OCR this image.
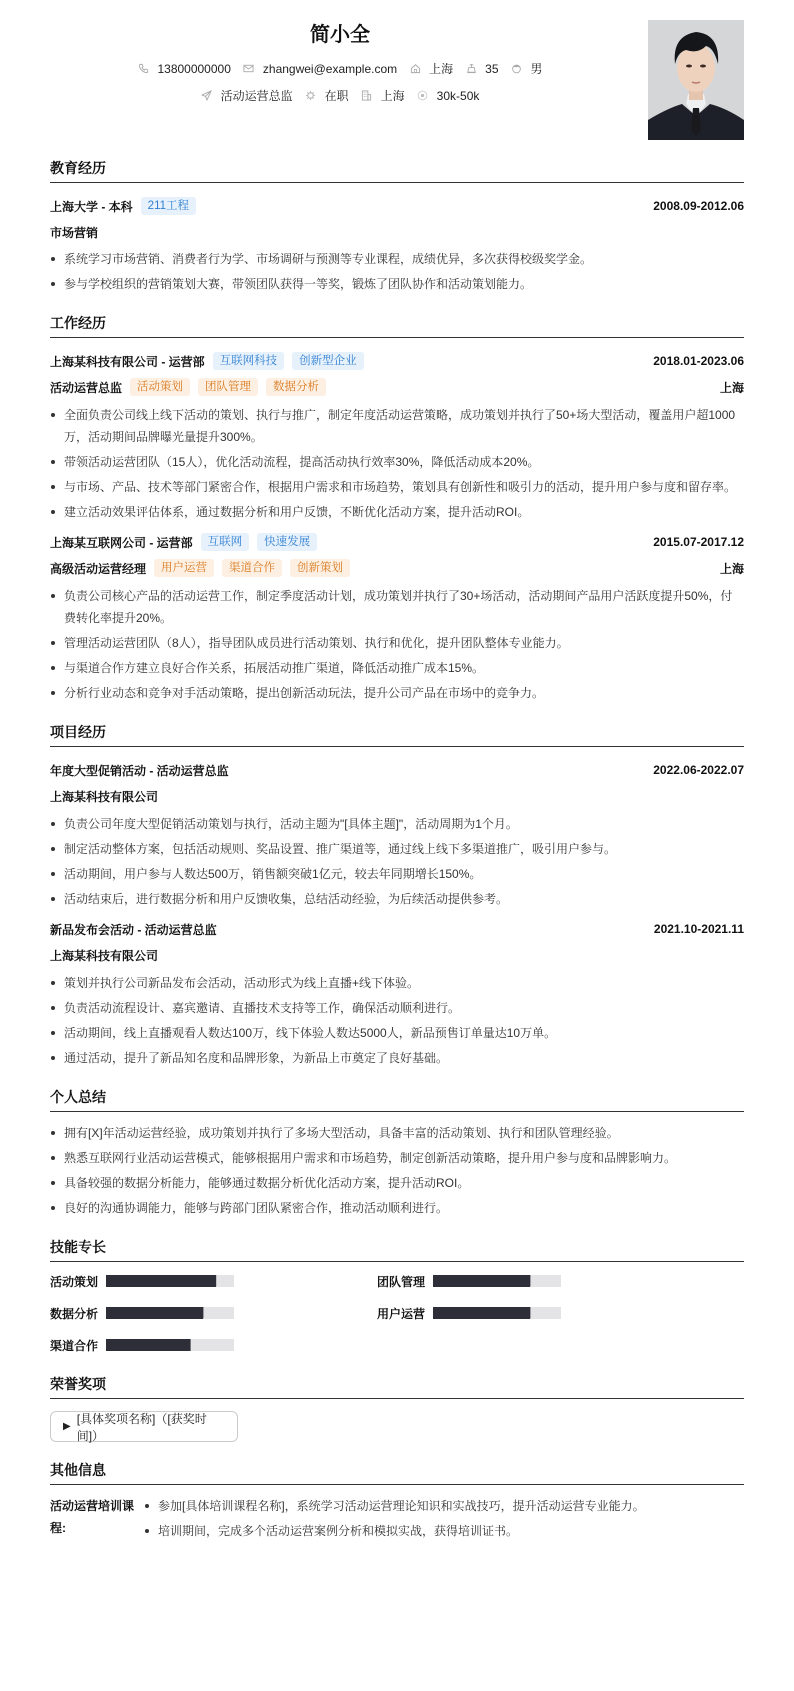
简小全
13800000000	zhangwei@example.com	上海	35	男
活动运营总监	在职	上海	30k-50k
教育经历
上海大学 - 本科	211工程	2008.09-2012.06
市场营销
系统学习市场营销、消费者行为学、市场调研与预测等专业课程，成绩优异，多次获得校级奖学金。
参与学校组织的营销策划大赛，带领团队获得一等奖，锻炼了团队协作和活动策划能力。
工作经历
上海某科技有限公司 - 运营部	互联网科技	创新型企业	2018.01-2023.06
活动运营总监	活动策划	团队管理	数据分析	上海
全面负责公司线上线下活动的策划、执行与推广，制定年度活动运营策略，成功策划并执行了50+场大型活动，覆盖用户超1000万，活动期间品牌曝光量提升300%。
带领活动运营团队（15人），优化活动流程，提高活动执行效率30%，降低活动成本20%。
与市场、产品、技术等部门紧密合作，根据用户需求和市场趋势，策划具有创新性和吸引力的活动，提升用户参与度和留存率。
建立活动效果评估体系，通过数据分析和用户反馈，不断优化活动方案，提升活动ROI。
上海某互联网公司 - 运营部	互联网	快速发展	2015.07-2017.12
高级活动运营经理	用户运营	渠道合作	创新策划	上海
负责公司核心产品的活动运营工作，制定季度活动计划，成功策划并执行了30+场活动，活动期间产品用户活跃度提升50%，付费转化率提升20%。
管理活动运营团队（8人），指导团队成员进行活动策划、执行和优化，提升团队整体专业能力。
与渠道合作方建立良好合作关系，拓展活动推广渠道，降低活动推广成本15%。
分析行业动态和竞争对手活动策略，提出创新活动玩法，提升公司产品在市场中的竞争力。
项目经历
年度大型促销活动 - 活动运营总监	2022.06-2022.07
上海某科技有限公司
负责公司年度大型促销活动策划与执行，活动主题为"[具体主题]"，活动周期为1个月。
制定活动整体方案，包括活动规则、奖品设置、推广渠道等，通过线上线下多渠道推广，吸引用户参与。
活动期间，用户参与人数达500万，销售额突破1亿元，较去年同期增长150%。
活动结束后，进行数据分析和用户反馈收集，总结活动经验，为后续活动提供参考。
新品发布会活动 - 活动运营总监	2021.10-2021.11
上海某科技有限公司
策划并执行公司新品发布会活动，活动形式为线上直播+线下体验。
负责活动流程设计、嘉宾邀请、直播技术支持等工作，确保活动顺利进行。
活动期间，线上直播观看人数达100万，线下体验人数达5000人，新品预售订单量达10万单。
通过活动，提升了新品知名度和品牌形象，为新品上市奠定了良好基础。
个人总结
拥有[X]年活动运营经验，成功策划并执行了多场大型活动，具备丰富的活动策划、执行和团队管理经验。
熟悉互联网行业活动运营模式，能够根据用户需求和市场趋势，制定创新活动策略，提升用户参与度和品牌影响力。
具备较强的数据分析能力，能够通过数据分析优化活动方案，提升活动ROI。
良好的沟通协调能力，能够与跨部门团队紧密合作，推动活动顺利进行。
技能专长
活动策划	团队管理
数据分析	用户运营
渠道合作
荣誉奖项
▶
[具体奖项名称]（[获奖时间]）
其他信息
活动运营培训课程:
参加[具体培训课程名称]，系统学习活动运营理论知识和实战技巧，提升活动运营专业能力。
培训期间，完成多个活动运营案例分析和模拟实战，获得培训证书。
